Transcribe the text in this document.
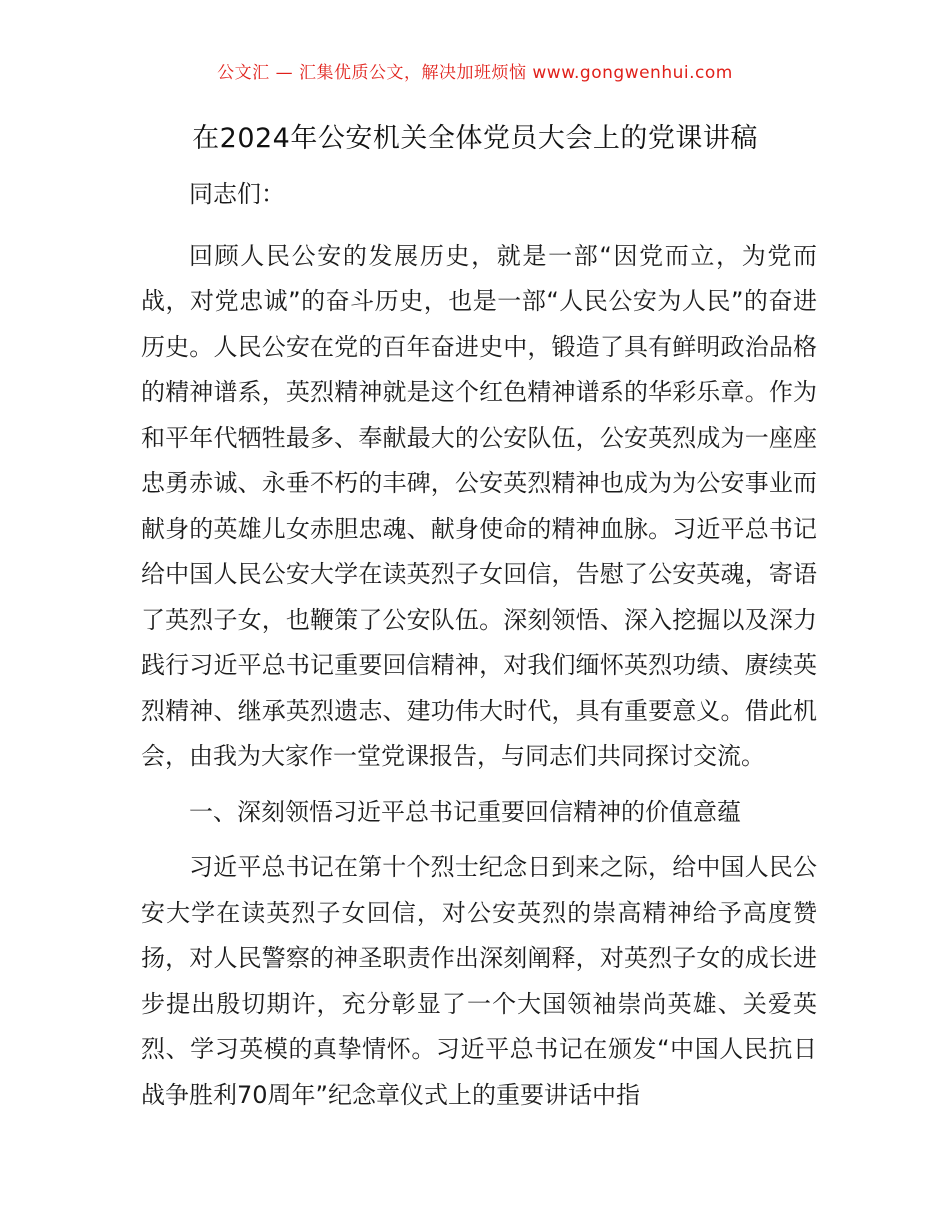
公文汇 — 汇集优质公文，解决加班烦恼 www.gongwenhui.com
在2024年公安机关全体党员大会上的党课讲稿

同志们：

回顾人民公安的发展历史，就是一部“因党而立，为党而战，对党忠诚”的奋斗历史，也是一部“人民公安为人民”的奋进历史。人民公安在党的百年奋进史中，锻造了具有鲜明政治品格的精神谱系，英烈精神就是这个红色精神谱系的华彩乐章。作为和平年代牺牲最多、奉献最大的公安队伍，公安英烈成为一座座忠勇赤诚、永垂不朽的丰碑，公安英烈精神也成为为公安事业而献身的英雄儿女赤胆忠魂、献身使命的精神血脉。习近平总书记给中国人民公安大学在读英烈子女回信，告慰了公安英魂，寄语了英烈子女，也鞭策了公安队伍。深刻领悟、深入挖掘以及深力践行习近平总书记重要回信精神，对我们缅怀英烈功绩、赓续英烈精神、继承英烈遗志、建功伟大时代，具有重要意义。借此机会，由我为大家作一堂党课报告，与同志们共同探讨交流。

一、深刻领悟习近平总书记重要回信精神的价值意蕴

习近平总书记在第十个烈士纪念日到来之际，给中国人民公安大学在读英烈子女回信，对公安英烈的崇高精神给予高度赞扬，对人民警察的神圣职责作出深刻阐释，对英烈子女的成长进步提出殷切期许，充分彰显了一个大国领袖崇尚英雄、关爱英烈、学习英模的真挚情怀。习近平总书记在颁发“中国人民抗日战争胜利70周年”纪念章仪式上的重要讲话中指
